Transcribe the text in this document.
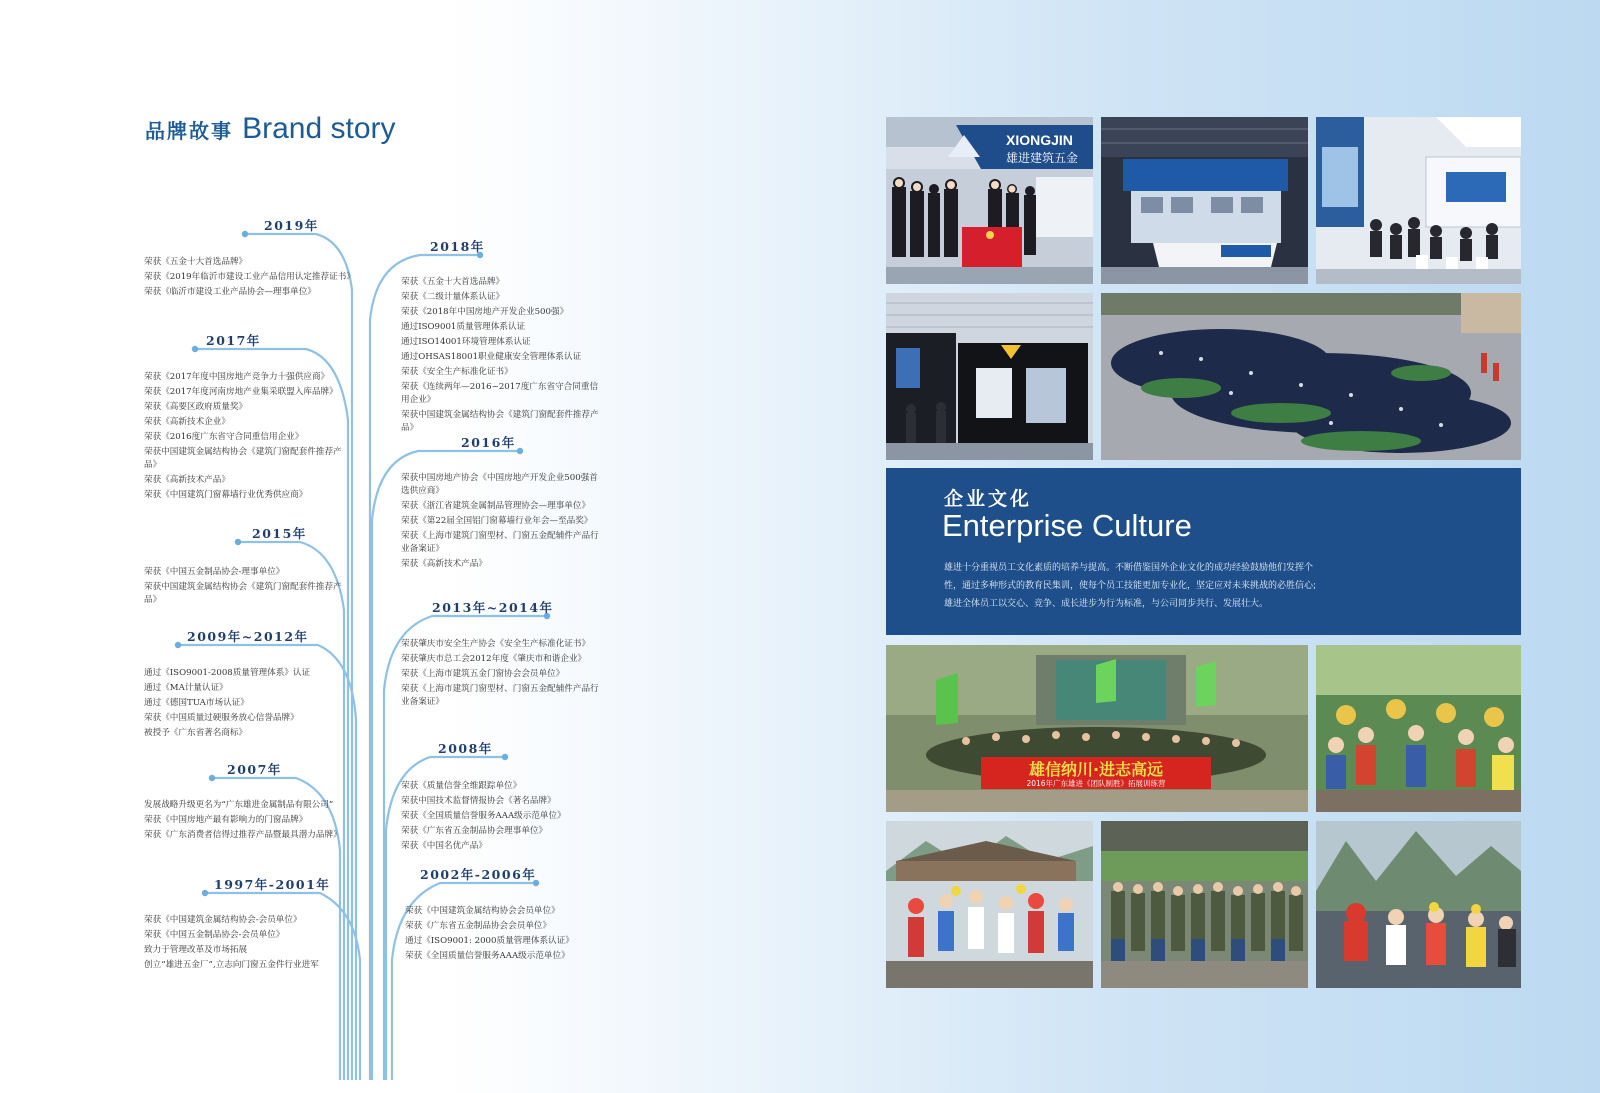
品牌故事 Brand story
2019年
荣获《五金十大首选品牌》
荣获《2019年临沂市建设工业产品信用认定推荐证书》
荣获《临沂市建设工业产品协会—理事单位》
2017年
荣获《2017年度中国房地产竞争力十强供应商》
荣获《2017年度河南房地产业集采联盟入库品牌》
荣获《高要区政府质量奖》
荣获《高新技术企业》
荣获《2016度广东省守合同重信用企业》
荣获中国建筑金属结构协会《建筑门窗配套件推荐产品》
荣获《高新技术产品》
荣获《中国建筑门窗幕墙行业优秀供应商》
2015年
荣获《中国五金制品协会-理事单位》
荣获中国建筑金属结构协会《建筑门窗配套件推荐产品》
2009年~2012年
通过《ISO9001-2008质量管理体系》认证
通过《MA计量认证》
通过《德国TUA市场认证》
荣获《中国质量过硬服务放心信誉品牌》
被授予《广东省著名商标》
2007年
发展战略升级更名为“广东雄进金属制品有限公司”
荣获《中国房地产最有影响力的门窗品牌》
荣获《广东消费者信得过推荐产品暨最具潜力品牌》
1997年-2001年
荣获《中国建筑金属结构协会-会员单位》
荣获《中国五金制品协会-会员单位》
致力于管理改革及市场拓展
创立“雄进五金厂”,立志向门窗五金件行业进军
2018年
荣获《五金十大首选品牌》
荣获《二级计量体系认证》
荣获《2018年中国房地产开发企业500强》
通过ISO9001质量管理体系认证
通过ISO14001环境管理体系认证
通过OHSAS18001职业健康安全管理体系认证
荣获《安全生产标准化证书》
荣获《连续两年—2016~2017度广东省守合同重信用企业》
荣获中国建筑金属结构协会《建筑门窗配套件推荐产品》
2016年
荣获中国房地产协会《中国房地产开发企业500强首选供应商》
荣获《浙江省建筑金属制品管理协会—理事单位》
荣获《第22届全国铝门窗幕墙行业年会—至品奖》
荣获《上海市建筑门窗型材、门窗五金配辅件产品行业备案证》
荣获《高新技术产品》
2013年~2014年
荣获肇庆市安全生产协会《安全生产标准化证书》
荣获肇庆市总工会2012年度《肇庆市和谐企业》
荣获《上海市建筑五金门窗协会会员单位》
荣获《上海市建筑门窗型材、门窗五金配辅件产品行业备案证》
2008年
荣获《质量信誉全维跟踪单位》
荣获中国技术监督情报协会《著名品牌》
荣获《全国质量信誉服务AAA级示范单位》
荣获《广东省五金制品协会理事单位》
荣获《中国名优产品》
2002年-2006年
荣获《中国建筑金属结构协会会员单位》
荣获《广东省五金制品协会会员单位》
通过《ISO9001: 2000质量管理体系认证》
荣获《全国质量信誉服务AAA级示范单位》
XIONGJIN
雄进建筑五金
企业文化
Enterprise Culture
雄进十分重视员工文化素质的培养与提高。不断借鉴国外企业文化的成功经验鼓励他们发挥个
性，通过多种形式的教育民集训，使每个员工技能更加专业化，坚定应对未来挑战的必胜信心;
雄进全体员工以交心、竞争、成长进步为行为标准，与公司同步共行、发展壮大。
雄信纳川·进志高远
2016年广东雄进《团队制胜》拓展训练营
